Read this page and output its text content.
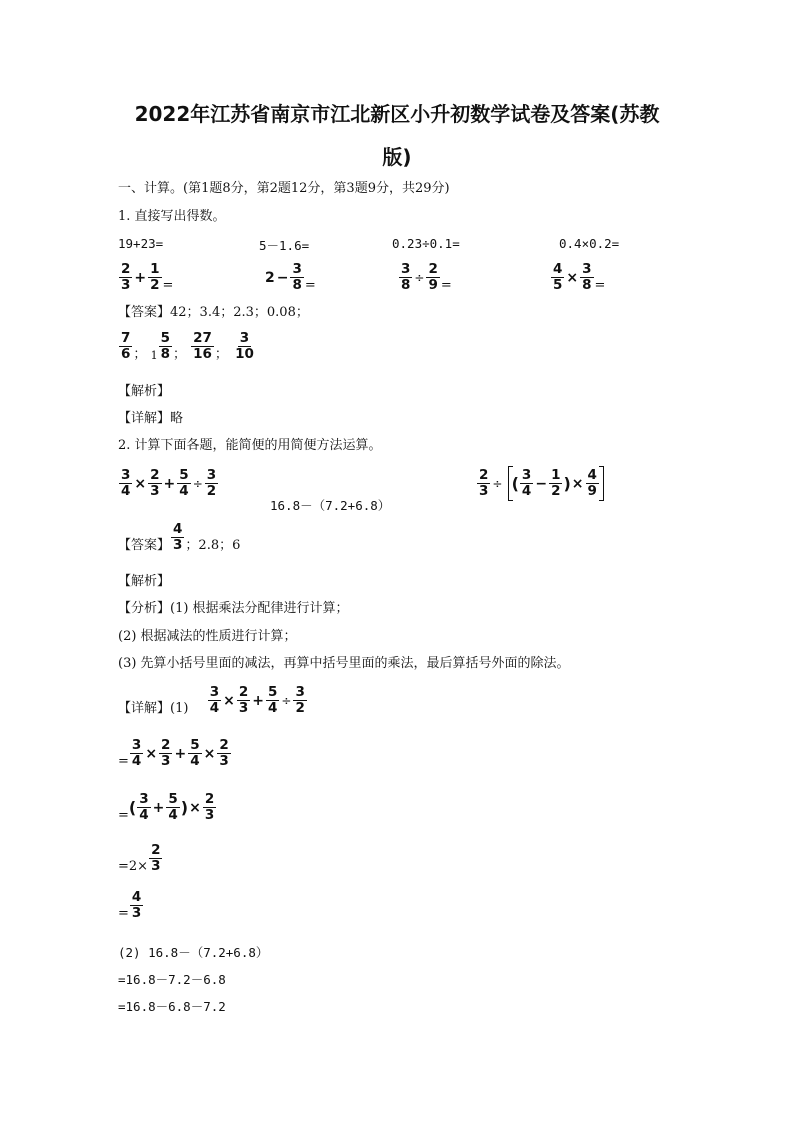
2022年江苏省南京市江北新区小升初数学试卷及答案(苏教
版)
一、计算。(第1题8分，第2题12分，第3题9分，共29分)
1. 直接写出得数。
19+23=	5－1.6=	0.23÷0.1=	0.4×0.2=
$\frac{2}{3} + \frac{1}{2}$ =	$2 - \frac{3}{8}$ =	$\frac{3}{8} \div \frac{2}{9}$ =	$\frac{4}{5} \times \frac{3}{8}$ =
【答案】42；3.4；2.3；0.08；
$\frac{7}{6}$ ； $1 \frac{5}{8}$ ； $\frac{27}{16}$ ； $\frac{3}{10}$
【解析】
【详解】略
2. 计算下面各题，能简便的用简便方法运算。
$\frac{3}{4} \times \frac{2}{3} + \frac{5}{4} \div \frac{3}{2}$
16.8－（7.2+6.8）
$\frac{2}{3}$ ÷ ( $\frac{3}{4} - \frac{1}{2}$ ) × $\frac{4}{9}$
【答案】 $\frac{4}{3}$ ；2.8；6
【解析】
【分析】(1) 根据乘法分配律进行计算；
(2) 根据减法的性质进行计算；
(3) 先算小括号里面的减法，再算中括号里面的乘法，最后算括号外面的除法。
【详解】$(1) \frac{3}{4} \times \frac{2}{3} + \frac{5}{4} \div \frac{3}{2}$
= $\frac{3}{4} \times \frac{2}{3} + \frac{5}{4} \times \frac{2}{3}$
=( $\frac{3}{4} + \frac{5}{4}$ )× $\frac{2}{3}$
$=2\times \frac{2}{3}$
= $\frac{4}{3}$
(2) 16.8－（7.2+6.8）
=16.8－7.2－6.8
=16.8－6.8－7.2
